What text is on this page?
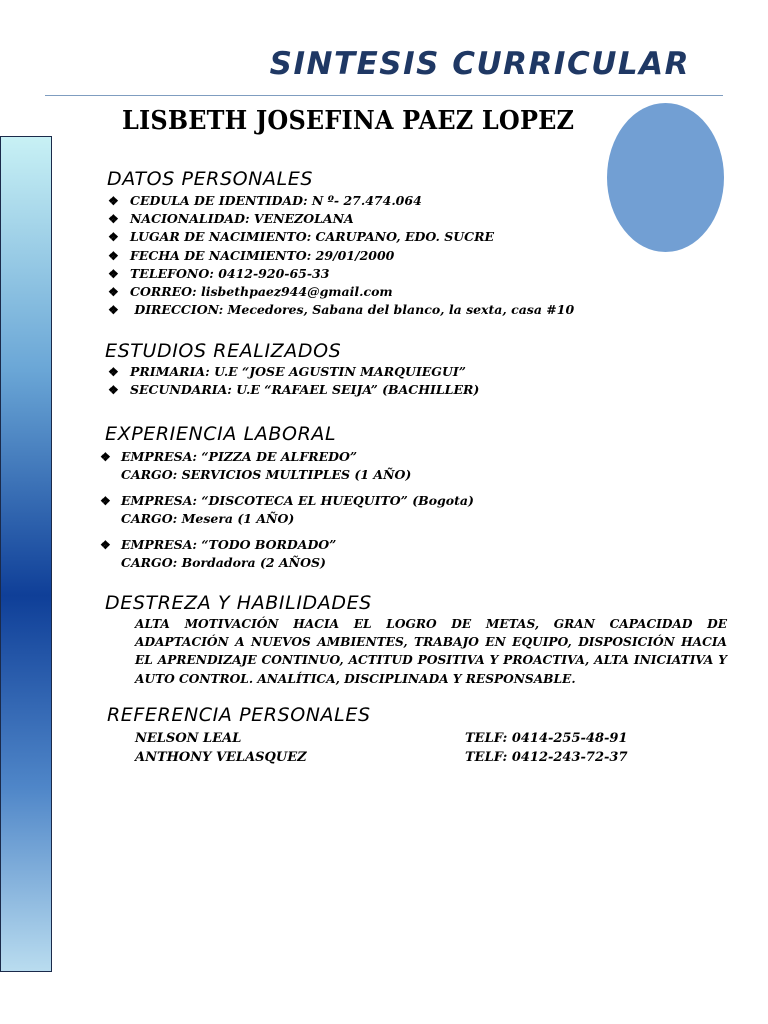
SINTESIS CURRICULAR
LISBETH JOSEFINA PAEZ LOPEZ
DATOS PERSONALES
❖ CEDULA DE IDENTIDAD: N º- 27.474.064
❖ NACIONALIDAD: VENEZOLANA
❖ LUGAR DE NACIMIENTO: CARUPANO, EDO. SUCRE
❖ FECHA DE NACIMIENTO: 29/01/2000
❖ TELEFONO: 0412-920-65-33
❖ CORREO: lisbethpaez944@gmail.com
❖ DIRECCION: Mecedores, Sabana del blanco, la sexta, casa #10
ESTUDIOS REALIZADOS
❖ PRIMARIA: U.E “JOSE AGUSTIN MARQUIEGUI”
❖ SECUNDARIA: U.E “RAFAEL SEIJA” (BACHILLER)
EXPERIENCIA LABORAL
❖ EMPRESA: “PIZZA DE ALFREDO”
CARGO: SERVICIOS MULTIPLES (1 AÑO)
❖ EMPRESA: “DISCOTECA EL HUEQUITO” (Bogota)
CARGO: Mesera (1 AÑO)
❖ EMPRESA: “TODO BORDADO”
CARGO: Bordadora (2 AÑOS)
DESTREZA Y HABILIDADES
ALTA MOTIVACIÓN HACIA EL LOGRO DE METAS, GRAN CAPACIDAD DE ADAPTACIÓN A NUEVOS AMBIENTES, TRABAJO EN EQUIPO, DISPOSICIÓN HACIA EL APRENDIZAJE CONTINUO, ACTITUD POSITIVA Y PROACTIVA, ALTA INICIATIVA Y AUTO CONTROL. ANALÍTICA, DISCIPLINADA Y RESPONSABLE.
REFERENCIA PERSONALES
NELSON LEAL	TELF: 0414-255-48-91
ANTHONY VELASQUEZ	TELF: 0412-243-72-37
